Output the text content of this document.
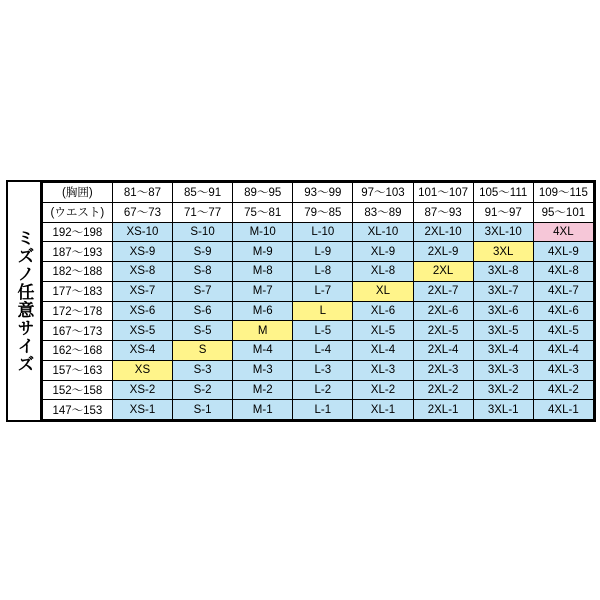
ミズノ任意サイズ
(胸囲)	81～87	85～91	89～95	93～99	97～103	101～107	105～111	109～115
(ウエスト)	67～73	71～77	75～81	79～85	83～89	87～93	91～97	95～101
192～198	XS-10	S-10	M-10	L-10	XL-10	2XL-10	3XL-10	4XL
187～193	XS-9	S-9	M-9	L-9	XL-9	2XL-9	3XL	4XL-9
182～188	XS-8	S-8	M-8	L-8	XL-8	2XL	3XL-8	4XL-8
177～183	XS-7	S-7	M-7	L-7	XL	2XL-7	3XL-7	4XL-7
172～178	XS-6	S-6	M-6	L	XL-6	2XL-6	3XL-6	4XL-6
167～173	XS-5	S-5	M	L-5	XL-5	2XL-5	3XL-5	4XL-5
162～168	XS-4	S	M-4	L-4	XL-4	2XL-4	3XL-4	4XL-4
157～163	XS	S-3	M-3	L-3	XL-3	2XL-3	3XL-3	4XL-3
152～158	XS-2	S-2	M-2	L-2	XL-2	2XL-2	3XL-2	4XL-2
147～153	XS-1	S-1	M-1	L-1	XL-1	2XL-1	3XL-1	4XL-1
